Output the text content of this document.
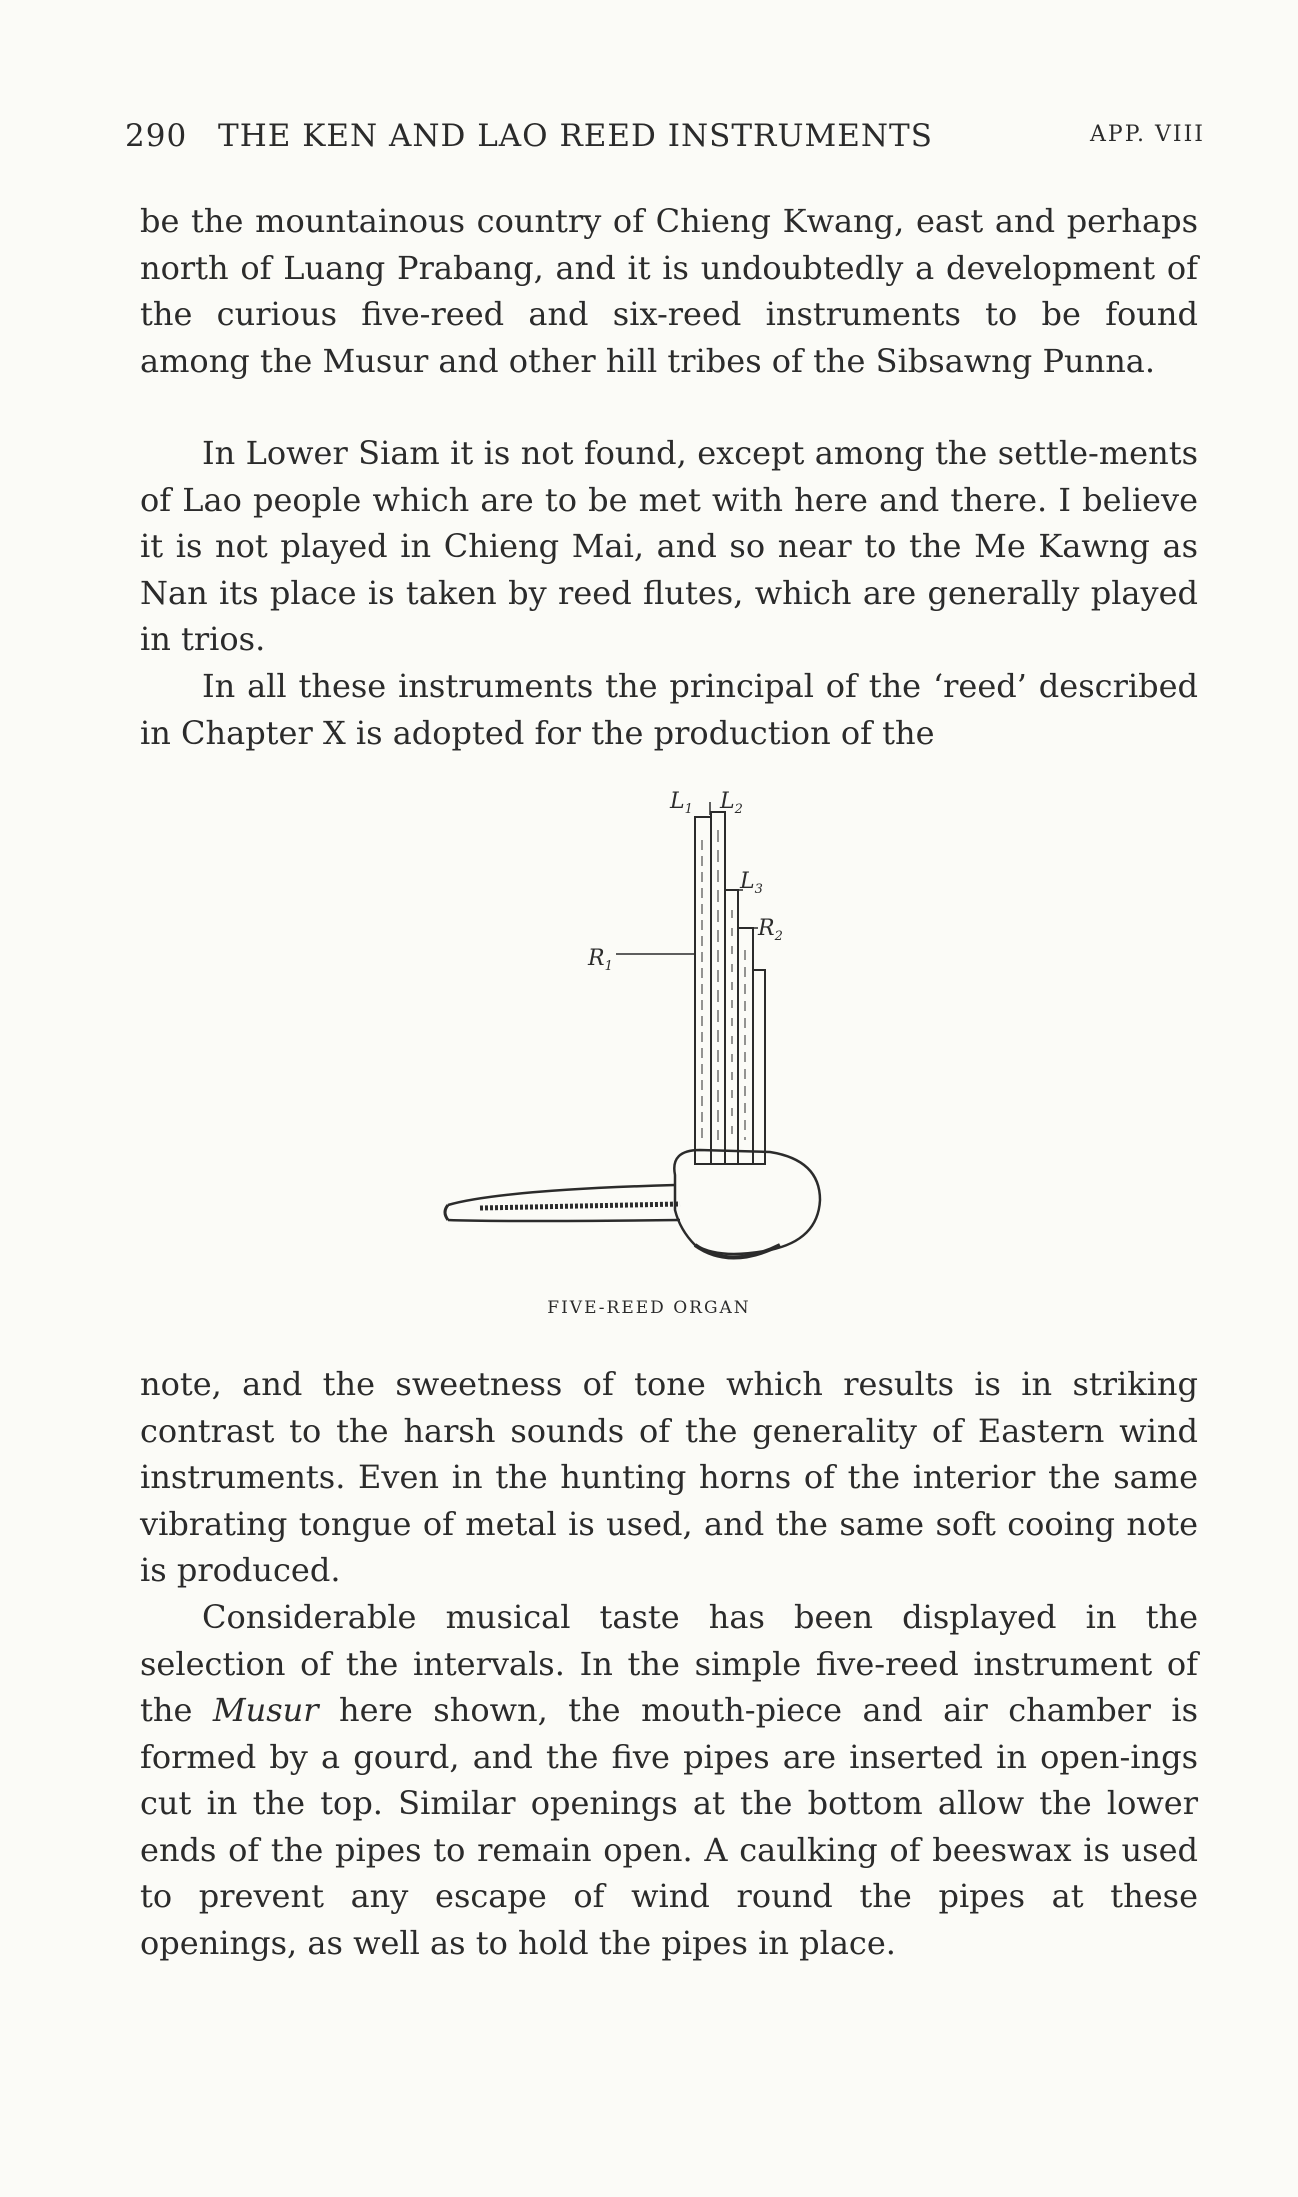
290 THE KEN AND LAO REED INSTRUMENTS	APP. VIII

be the mountainous country of Chieng Kwang, east and perhaps north of Luang Prabang, and it is undoubtedly a development of the curious five-reed and six-reed instruments to be found among the Musur and other hill tribes of the Sibsawng Punna.

In Lower Siam it is not found, except among the settle-ments of Lao people which are to be met with here and there. I believe it is not played in Chieng Mai, and so near to the Me Kawng as Nan its place is taken by reed flutes, which are generally played in trios.

In all these instruments the principal of the ‘reed’ described in Chapter X is adopted for the production of the

$L_1$ $L_2$
$L_3$
$R_1$
$R_2$
FIVE-REED ORGAN

note, and the sweetness of tone which results is in striking contrast to the harsh sounds of the generality of Eastern wind instruments. Even in the hunting horns of the interior the same vibrating tongue of metal is used, and the same soft cooing note is produced.

Considerable musical taste has been displayed in the selection of the intervals. In the simple five-reed instrument of the Musur here shown, the mouth-piece and air chamber is formed by a gourd, and the five pipes are inserted in open-ings cut in the top. Similar openings at the bottom allow the lower ends of the pipes to remain open. A caulking of beeswax is used to prevent any escape of wind round the pipes at these openings, as well as to hold the pipes in place.
